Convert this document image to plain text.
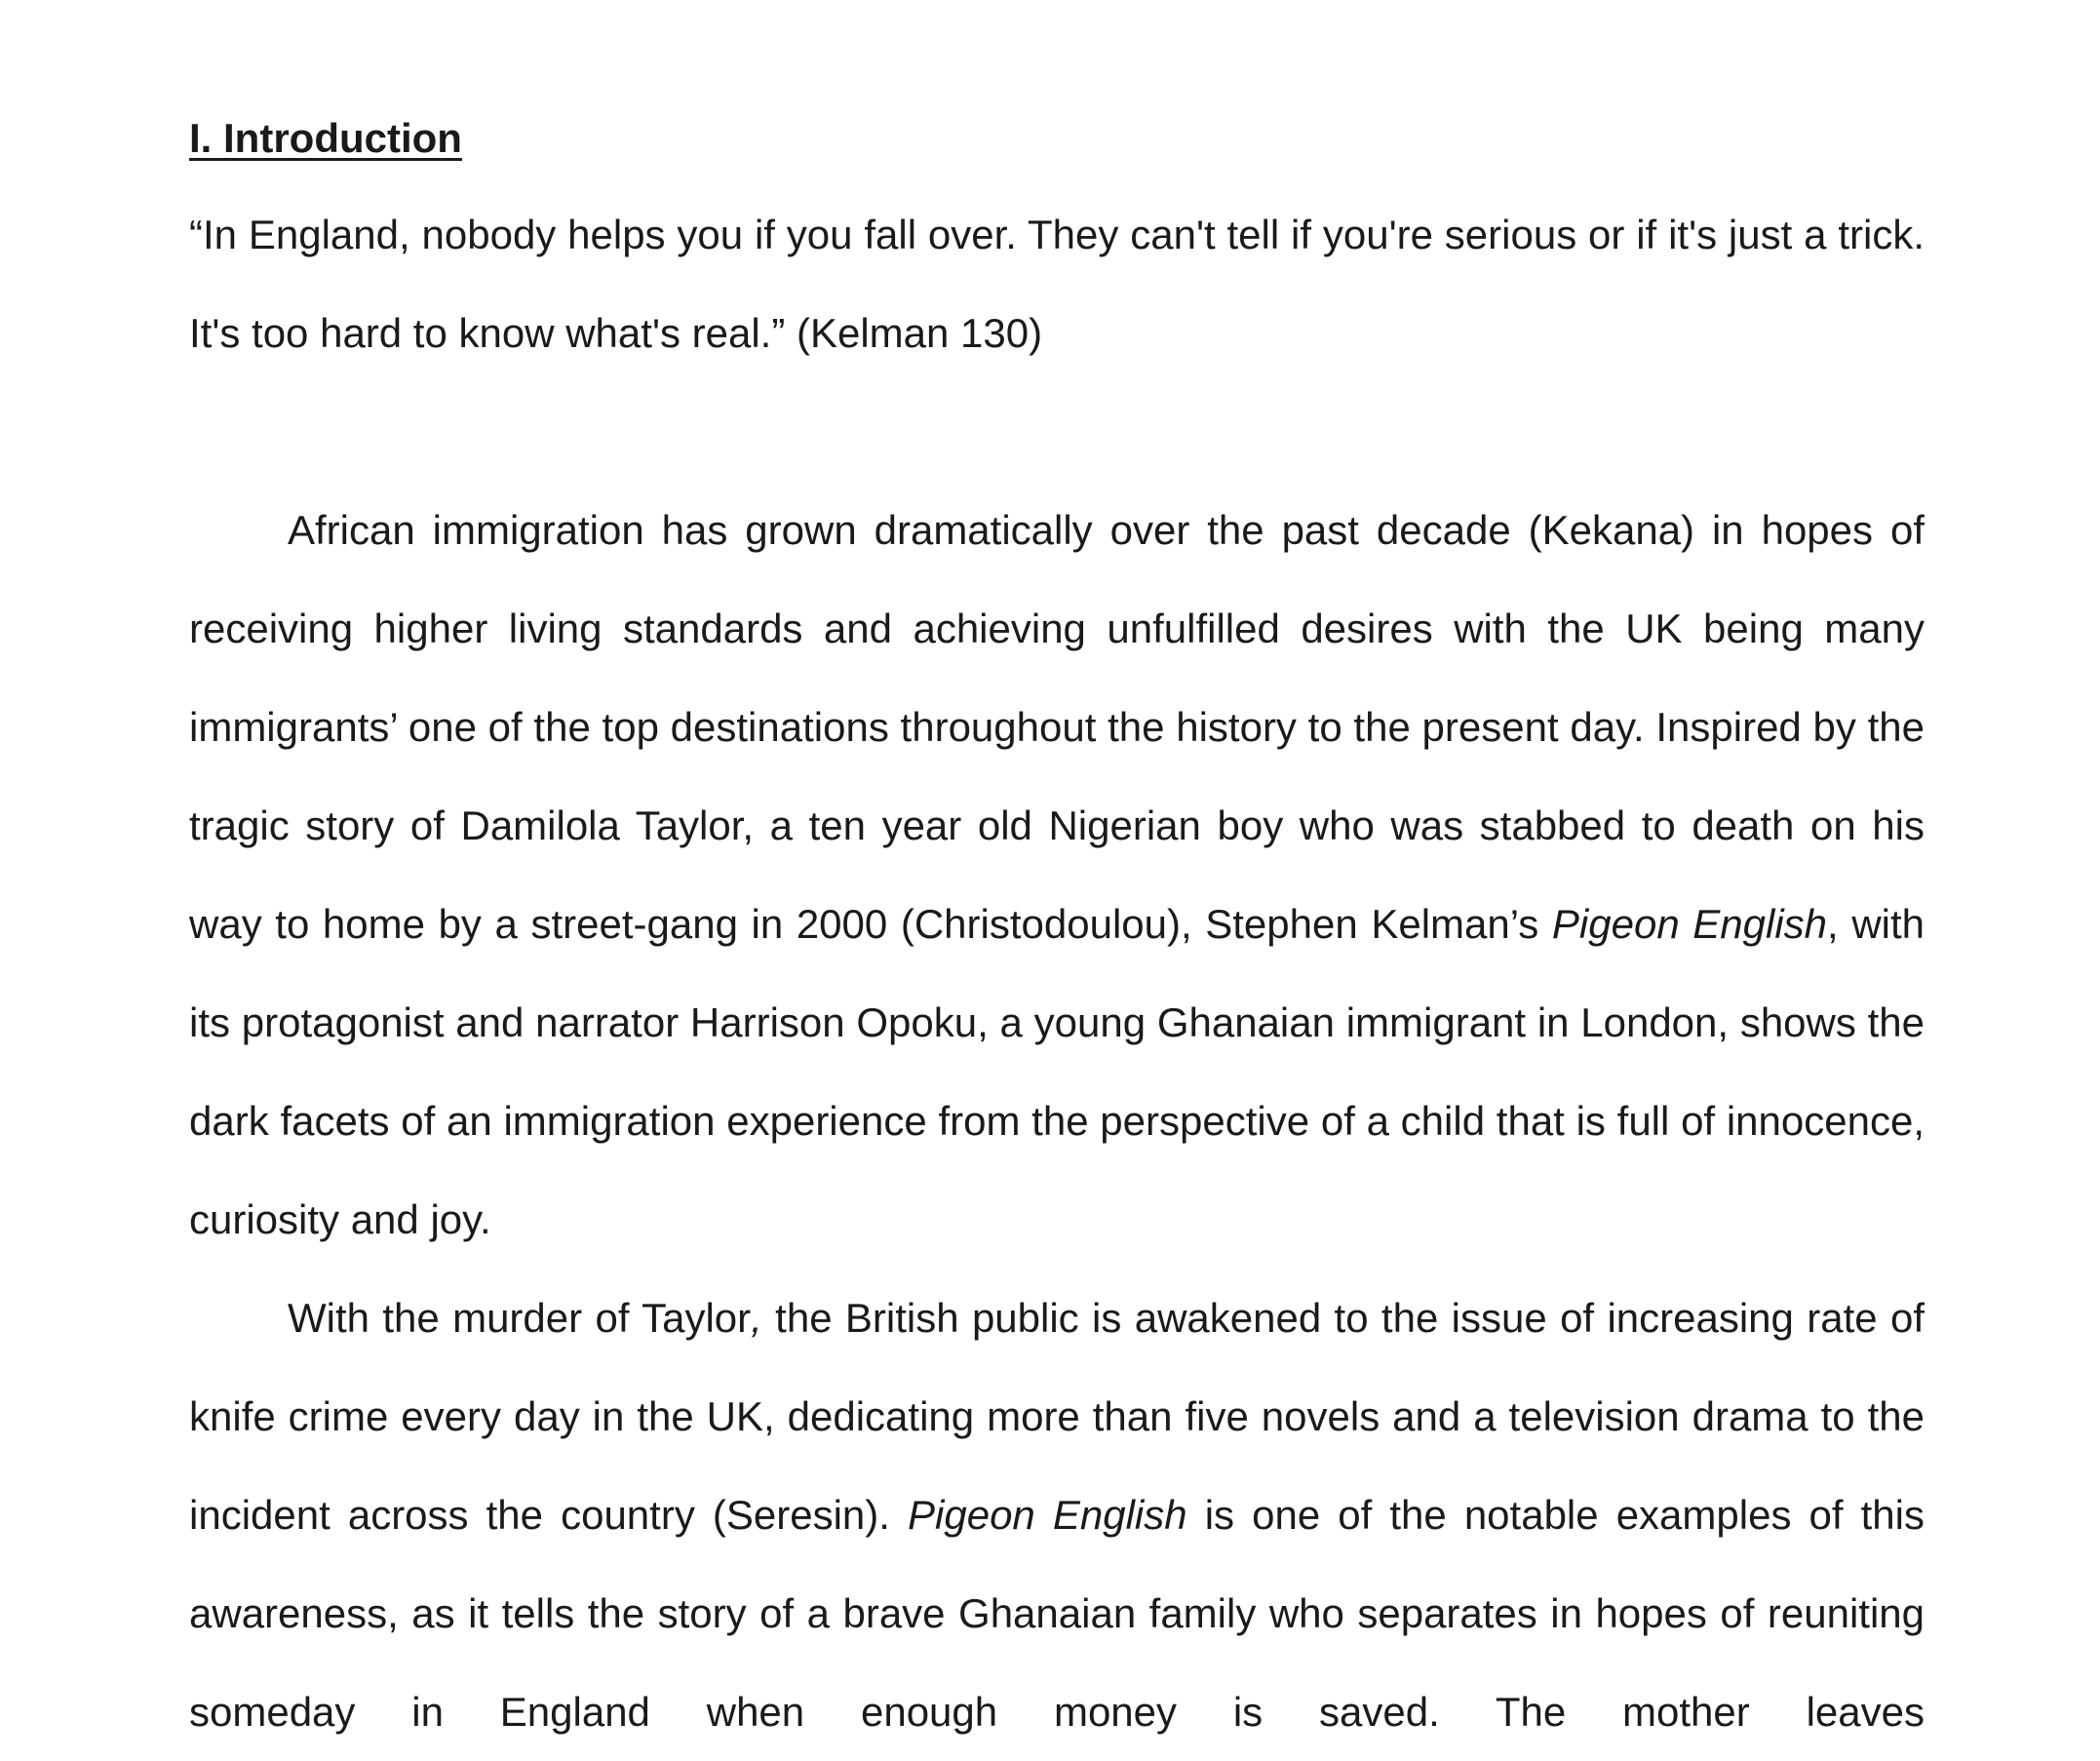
I. Introduction

“In England, nobody helps you if you fall over. They can't tell if you're serious or if it's just a trick. It's too hard to know what's real.” (Kelman 130)

African immigration has grown dramatically over the past decade (Kekana) in hopes of receiving higher living standards and achieving unfulfilled desires with the UK being many immigrants’ one of the top destinations throughout the history to the present day. Inspired by the tragic story of Damilola Taylor, a ten year old Nigerian boy who was stabbed to death on his way to home by a street-gang in 2000 (Christodoulou), Stephen Kelman’s Pigeon English, with its protagonist and narrator Harrison Opoku, a young Ghanaian immigrant in London, shows the dark facets of an immigration experience from the perspective of a child that is full of innocence, curiosity and joy.

With the murder of Taylor, the British public is awakened to the issue of increasing rate of knife crime every day in the UK, dedicating more than five novels and a television drama to the incident across the country (Seresin). Pigeon English is one of the notable examples of this awareness, as it tells the story of a brave Ghanaian family who separates in hopes of reuniting someday in England when enough money is saved. The mother leaves
